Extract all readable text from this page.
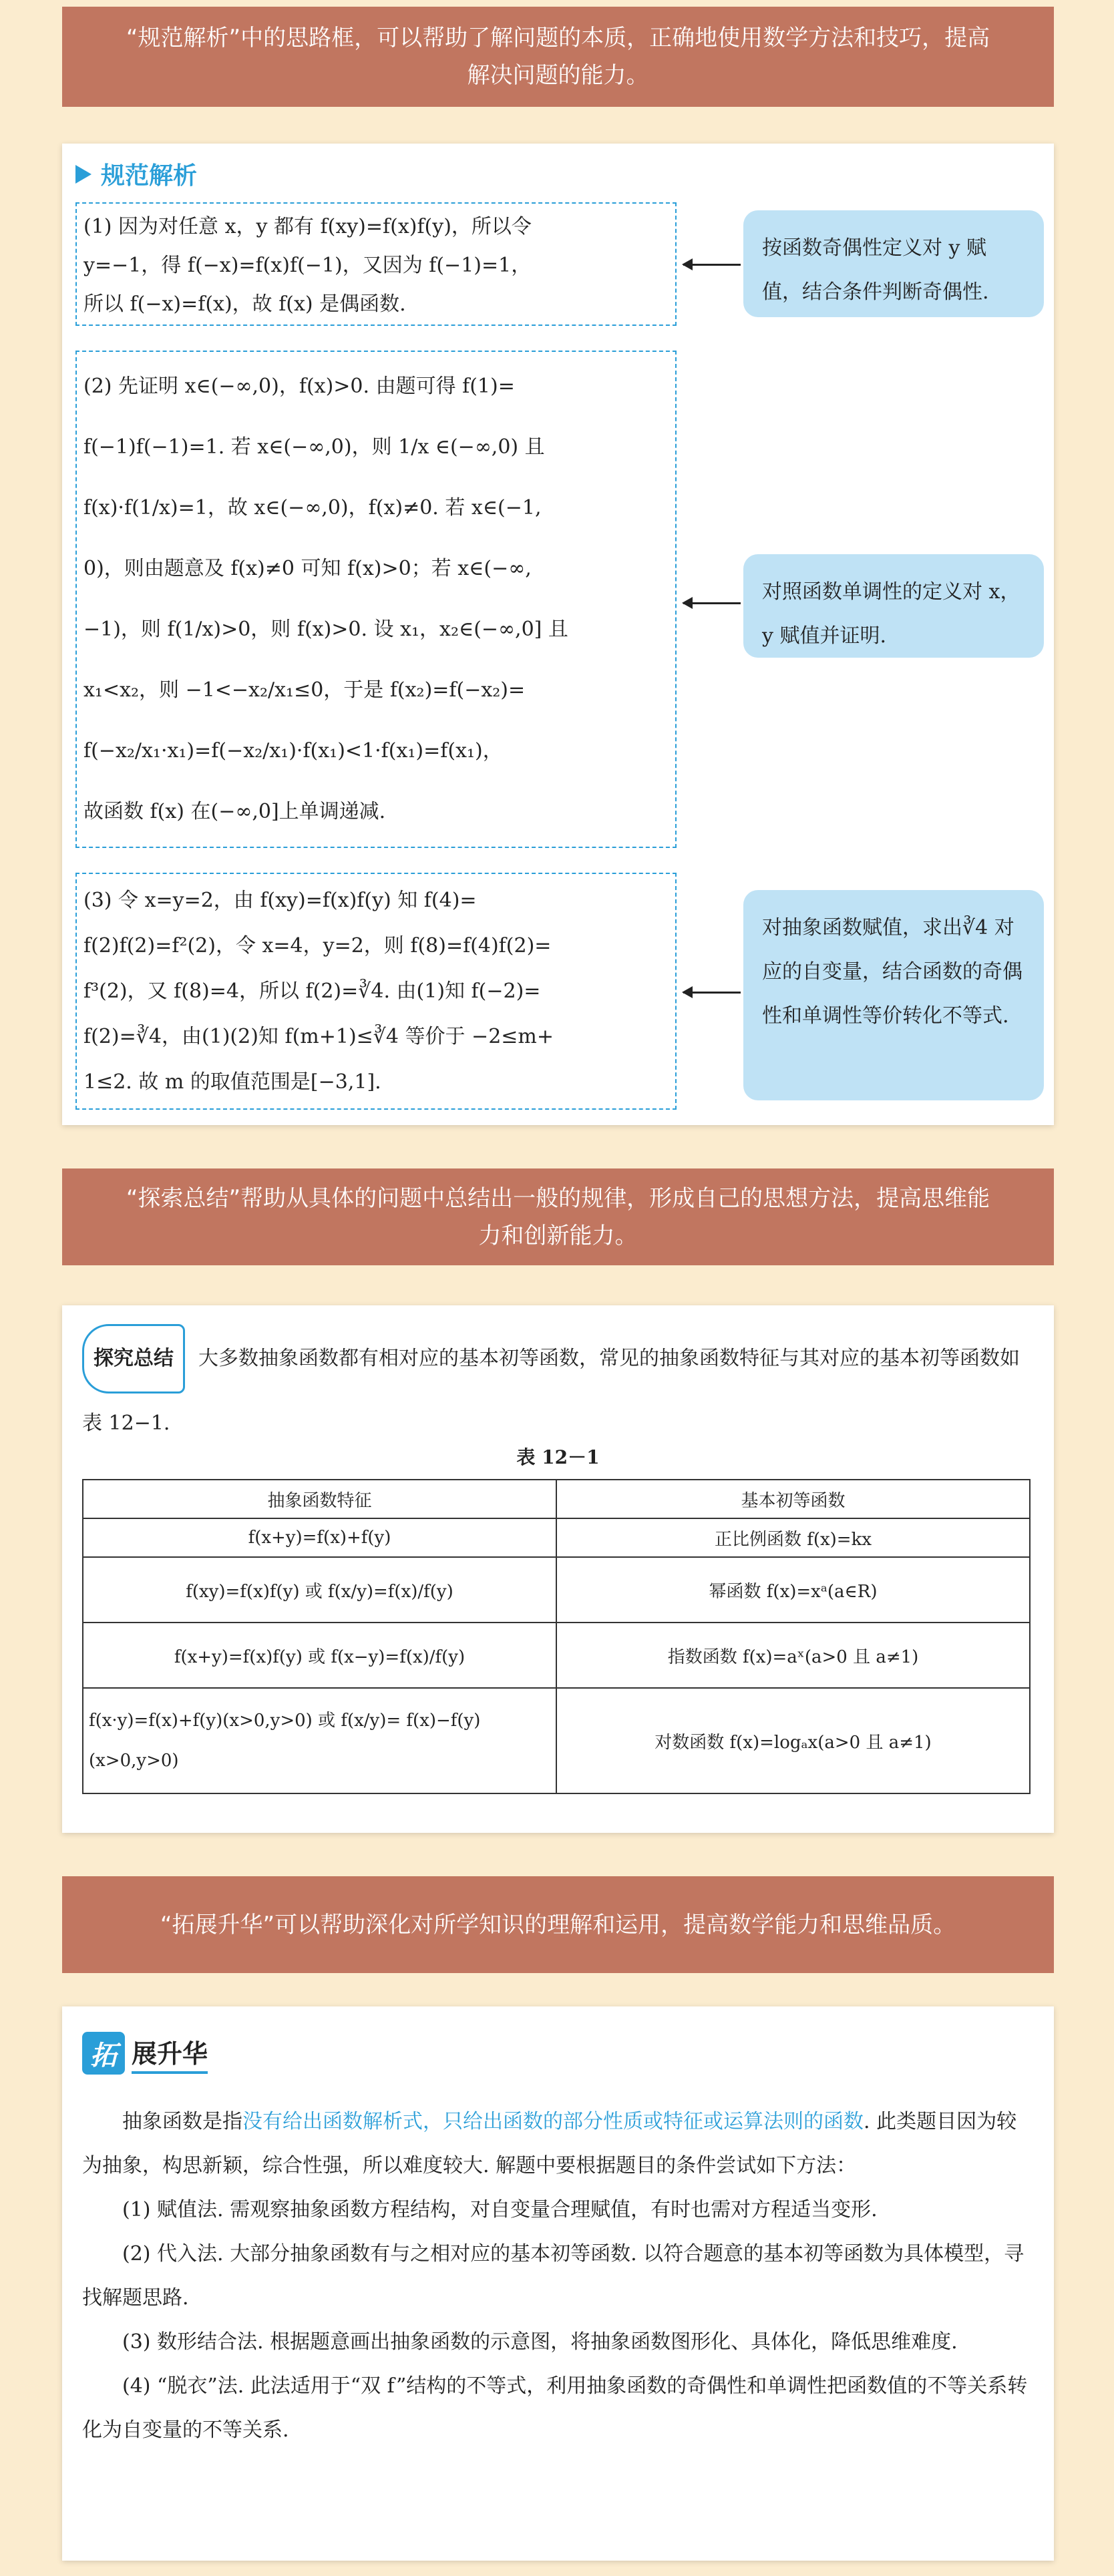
“规范解析”中的思路框，可以帮助了解问题的本质，正确地使用数学方法和技巧，提高解决问题的能力。
规范解析

(1) 因为对任意 x，y 都有 f(xy)=f(x)f(y)，所以令

y=−1，得 f(−x)=f(x)f(−1)，又因为 f(−1)=1，

所以 f(−x)=f(x)，故 f(x) 是偶函数.

按函数奇偶性定义对 y 赋值，结合条件判断奇偶性.

(2) 先证明 x∈(−∞,0)，f(x)>0. 由题可得 f(1)=

f(−1)f(−1)=1. 若 x∈(−∞,0)，则 1/x ∈(−∞,0) 且

f(x)·f(1/x)=1，故 x∈(−∞,0)，f(x)≠0. 若 x∈(−1,

0)，则由题意及 f(x)≠0 可知 f(x)>0；若 x∈(−∞,

−1)，则 f(1/x)>0，则 f(x)>0. 设 x₁，x₂∈(−∞,0] 且

x₁<x₂，则 −1<−x₂/x₁≤0，于是 f(x₂)=f(−x₂)=

f(−x₂/x₁·x₁)=f(−x₂/x₁)·f(x₁)<1·f(x₁)=f(x₁)，

故函数 f(x) 在(−∞,0]上单调递减.

对照函数单调性的定义对 x，y 赋值并证明.

(3) 令 x=y=2，由 f(xy)=f(x)f(y) 知 f(4)=

f(2)f(2)=f²(2)，令 x=4，y=2，则 f(8)=f(4)f(2)=

f³(2)，又 f(8)=4，所以 f(2)=∛4. 由(1)知 f(−2)=

f(2)=∛4，由(1)(2)知 f(m+1)≤∛4 等价于 −2≤m+

1≤2. 故 m 的取值范围是[−3,1].

对抽象函数赋值，求出∛4 对应的自变量，结合函数的奇偶性和单调性等价转化不等式.
“探索总结”帮助从具体的问题中总结出一般的规律，形成自己的思想方法，提高思维能力和创新能力。
探究总结 大多数抽象函数都有相对应的基本初等函数，常见的抽象函数特征与其对应的基本初等函数如表 12−1.
表 12－1
抽象函数特征	基本初等函数
f(x+y)=f(x)+f(y)	正比例函数 f(x)=kx
f(xy)=f(x)f(y) 或 f(x/y)=f(x)/f(y)	幂函数 f(x)=xᵃ(a∈R)
f(x+y)=f(x)f(y) 或 f(x−y)=f(x)/f(y)	指数函数 f(x)=aˣ(a>0 且 a≠1)
f(x·y)=f(x)+f(y)(x>0,y>0) 或 f(x/y)= f(x)−f(y)(x>0,y>0)	对数函数 f(x)=logₐx(a>0 且 a≠1)
“拓展升华”可以帮助深化对所学知识的理解和运用，提高数学能力和思维品质。
拓 展升华

抽象函数是指没有给出函数解析式，只给出函数的部分性质或特征或运算法则的函数. 此类题目因为较为抽象，构思新颖，综合性强，所以难度较大. 解题中要根据题目的条件尝试如下方法：

(1) 赋值法. 需观察抽象函数方程结构，对自变量合理赋值，有时也需对方程适当变形.

(2) 代入法. 大部分抽象函数有与之相对应的基本初等函数. 以符合题意的基本初等函数为具体模型，寻找解题思路.

(3) 数形结合法. 根据题意画出抽象函数的示意图，将抽象函数图形化、具体化，降低思维难度.

(4) “脱衣”法. 此法适用于“双 f”结构的不等式，利用抽象函数的奇偶性和单调性把函数值的不等关系转化为自变量的不等关系.
